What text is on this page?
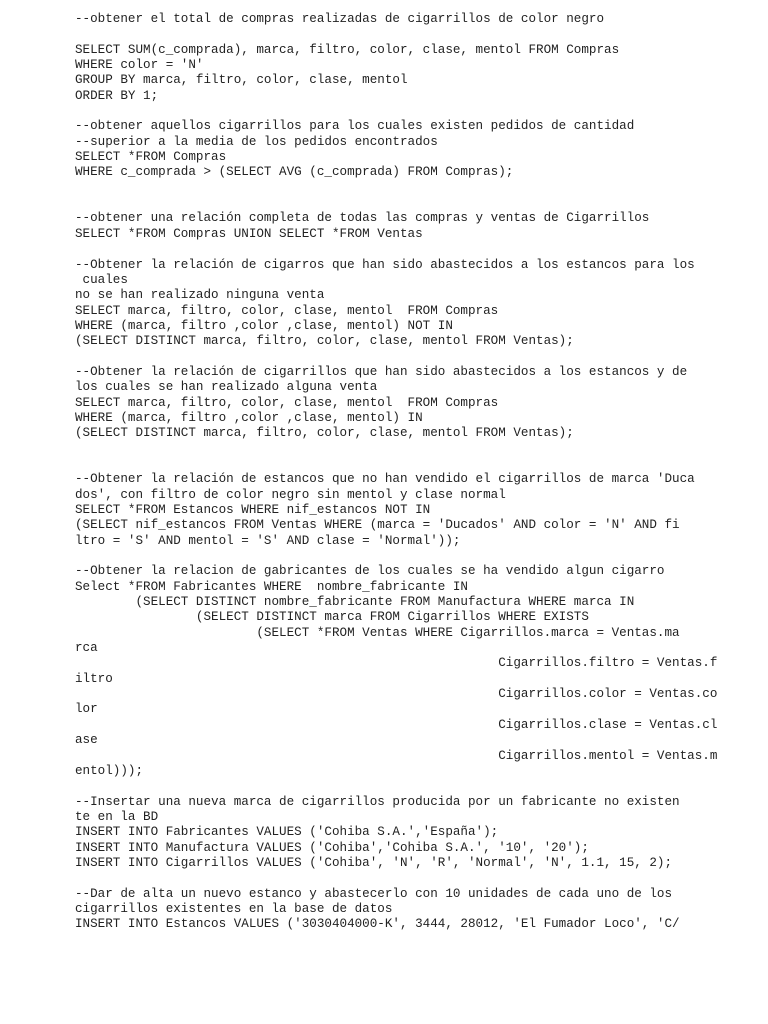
--obtener el total de compras realizadas de cigarrillos de color negro
SELECT SUM(c_comprada), marca, filtro, color, clase, mentol FROM Compras
WHERE color = 'N'
GROUP BY marca, filtro, color, clase, mentol
ORDER BY 1;
--obtener aquellos cigarrillos para los cuales existen pedidos de cantidad
--superior a la media de los pedidos encontrados
SELECT *FROM Compras
WHERE c_comprada > (SELECT AVG (c_comprada) FROM Compras);
--obtener una relación completa de todas las compras y ventas de Cigarrillos
SELECT *FROM Compras UNION SELECT *FROM Ventas
--Obtener la relación de cigarros que han sido abastecidos a los estancos para los
cuales
no se han realizado ninguna venta
SELECT marca, filtro, color, clase, mentol  FROM Compras
WHERE (marca, filtro ,color ,clase, mentol) NOT IN
(SELECT DISTINCT marca, filtro, color, clase, mentol FROM Ventas);
--Obtener la relación de cigarrillos que han sido abastecidos a los estancos y de
los cuales se han realizado alguna venta
SELECT marca, filtro, color, clase, mentol  FROM Compras
WHERE (marca, filtro ,color ,clase, mentol) IN
(SELECT DISTINCT marca, filtro, color, clase, mentol FROM Ventas);
--Obtener la relación de estancos que no han vendido el cigarrillos de marca 'Duca
dos', con filtro de color negro sin mentol y clase normal
SELECT *FROM Estancos WHERE nif_estancos NOT IN
(SELECT nif_estancos FROM Ventas WHERE (marca = 'Ducados' AND color = 'N' AND fi
ltro = 'S' AND mentol = 'S' AND clase = 'Normal'));
--Obtener la relacion de gabricantes de los cuales se ha vendido algun cigarro
Select *FROM Fabricantes WHERE  nombre_fabricante IN
(SELECT DISTINCT nombre_fabricante FROM Manufactura WHERE marca IN
(SELECT DISTINCT marca FROM Cigarrillos WHERE EXISTS
(SELECT *FROM Ventas WHERE Cigarrillos.marca = Ventas.ma
rca
Cigarrillos.filtro = Ventas.f
iltro
Cigarrillos.color = Ventas.co
lor
Cigarrillos.clase = Ventas.cl
ase
Cigarrillos.mentol = Ventas.m
entol)));
--Insertar una nueva marca de cigarrillos producida por un fabricante no existen
te en la BD
INSERT INTO Fabricantes VALUES ('Cohiba S.A.','España');
INSERT INTO Manufactura VALUES ('Cohiba','Cohiba S.A.', '10', '20');
INSERT INTO Cigarrillos VALUES ('Cohiba', 'N', 'R', 'Normal', 'N', 1.1, 15, 2);
--Dar de alta un nuevo estanco y abastecerlo con 10 unidades de cada uno de los
cigarrillos existentes en la base de datos
INSERT INTO Estancos VALUES ('3030404000-K', 3444, 28012, 'El Fumador Loco', 'C/
